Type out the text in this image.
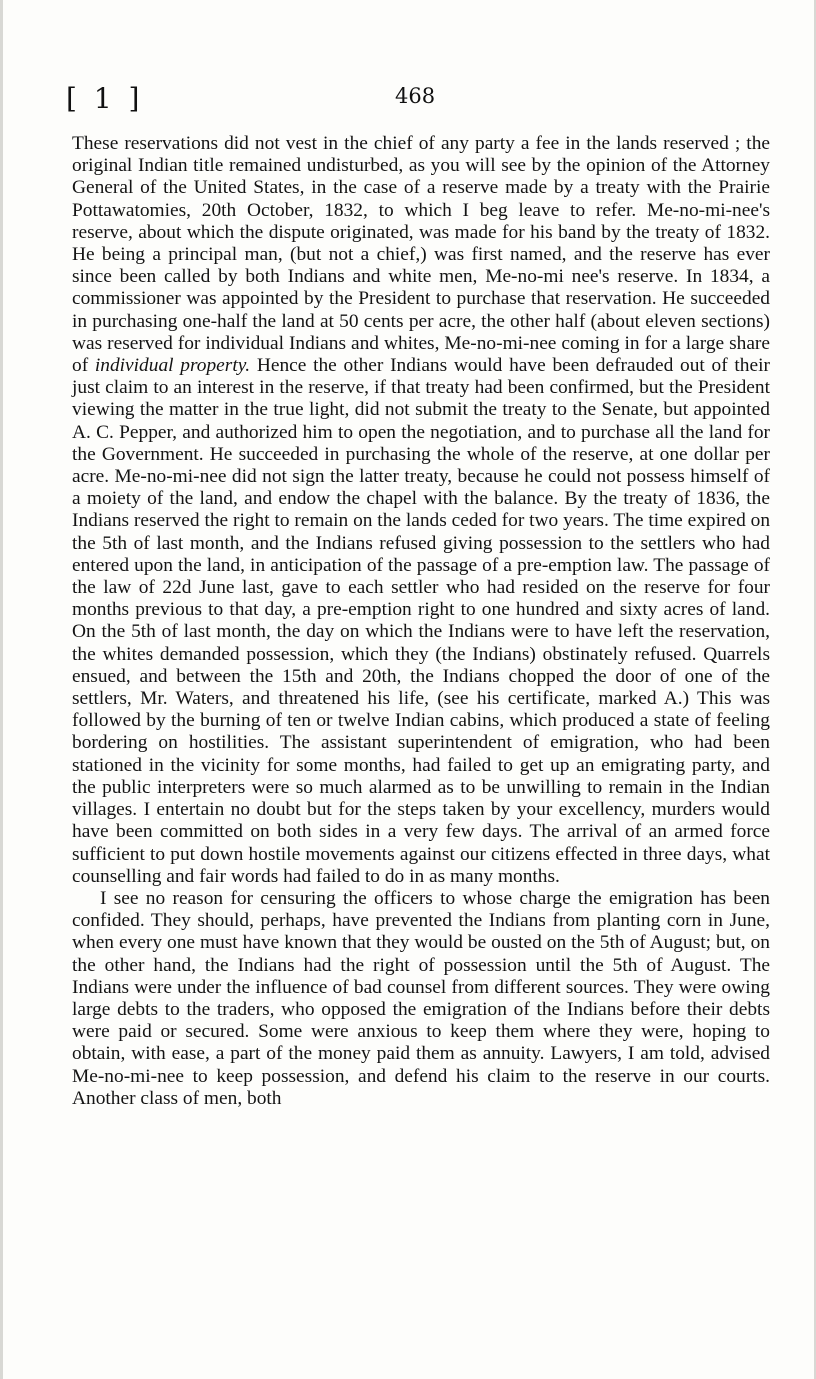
[ 1 ]	468

These reservations did not vest in the chief of any party a fee in the lands reserved ; the original Indian title remained undisturbed, as you will see by the opinion of the Attorney General of the United States, in the case of a reserve made by a treaty with the Prairie Pottawatomies, 20th October, 1832, to which I beg leave to refer. Me-no-mi-nee's reserve, about which the dispute originated, was made for his band by the treaty of 1832. He being a principal man, (but not a chief,) was first named, and the reserve has ever since been called by both Indians and white men, Me-no-mi nee's reserve. In 1834, a commissioner was appointed by the President to purchase that reservation. He succeeded in purchasing one-half the land at 50 cents per acre, the other half (about eleven sections) was reserved for individual Indians and whites, Me-no-mi-nee coming in for a large share of individual property. Hence the other Indians would have been defrauded out of their just claim to an interest in the reserve, if that treaty had been confirmed, but the President viewing the matter in the true light, did not submit the treaty to the Senate, but appointed A. C. Pepper, and authorized him to open the negotiation, and to purchase all the land for the Government. He succeeded in purchasing the whole of the reserve, at one dollar per acre. Me-no-mi-nee did not sign the latter treaty, because he could not possess himself of a moiety of the land, and endow the chapel with the balance. By the treaty of 1836, the Indians reserved the right to remain on the lands ceded for two years. The time expired on the 5th of last month, and the Indians refused giving possession to the settlers who had entered upon the land, in anticipation of the passage of a pre-emption law. The passage of the law of 22d June last, gave to each settler who had resided on the reserve for four months previous to that day, a pre-emption right to one hundred and sixty acres of land. On the 5th of last month, the day on which the Indians were to have left the reservation, the whites demanded possession, which they (the Indians) obstinately refused. Quarrels ensued, and between the 15th and 20th, the Indians chopped the door of one of the settlers, Mr. Waters, and threatened his life, (see his certificate, marked A.) This was followed by the burning of ten or twelve Indian cabins, which produced a state of feeling bordering on hostilities. The assistant superintendent of emigration, who had been stationed in the vicinity for some months, had failed to get up an emigrating party, and the public interpreters were so much alarmed as to be unwilling to remain in the Indian villages. I entertain no doubt but for the steps taken by your excellency, murders would have been committed on both sides in a very few days. The arrival of an armed force sufficient to put down hostile movements against our citizens effected in three days, what counselling and fair words had failed to do in as many months.

I see no reason for censuring the officers to whose charge the emigration has been confided. They should, perhaps, have prevented the Indians from planting corn in June, when every one must have known that they would be ousted on the 5th of August; but, on the other hand, the Indians had the right of possession until the 5th of August. The Indians were under the influence of bad counsel from different sources. They were owing large debts to the traders, who opposed the emigration of the Indians before their debts were paid or secured. Some were anxious to keep them where they were, hoping to obtain, with ease, a part of the money paid them as annuity. Lawyers, I am told, advised Me-no-mi-nee to keep possession, and defend his claim to the reserve in our courts. Another class of men, both
